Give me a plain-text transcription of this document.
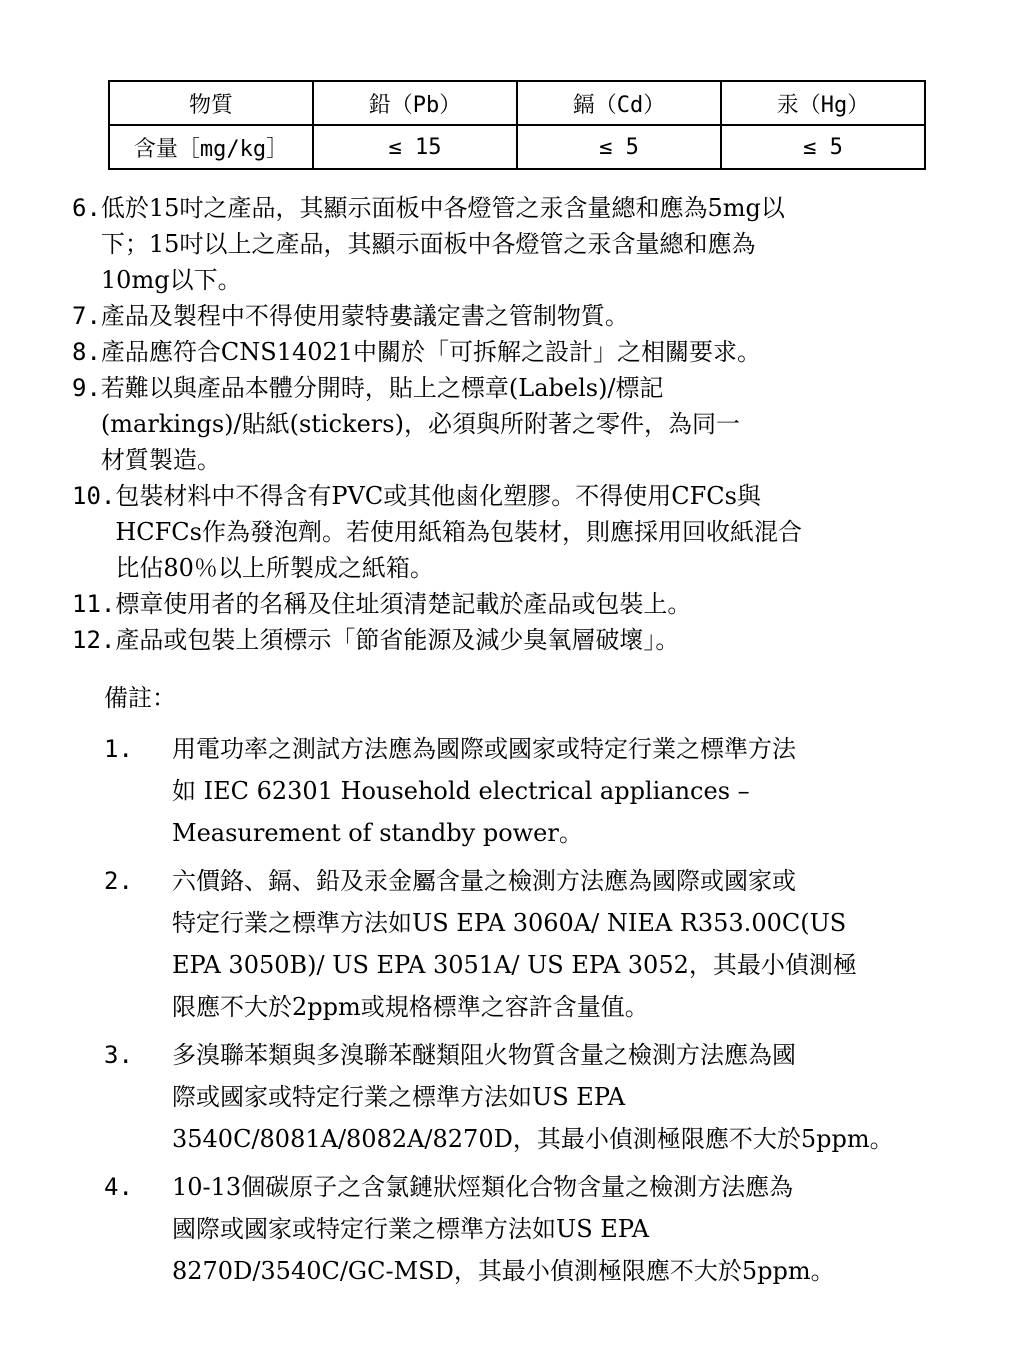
物質	鉛（Pb）	鎘（Cd）	汞（Hg）
含量［mg/kg］	≤ 15	≤ 5	≤ 5
6. 低於15吋之產品，其顯示面板中各燈管之汞含量總和應為5mg以
下；15吋以上之產品，其顯示面板中各燈管之汞含量總和應為
10mg以下。
7. 產品及製程中不得使用蒙特婁議定書之管制物質。
8. 產品應符合CNS14021中關於「可拆解之設計」之相關要求。
9. 若難以與產品本體分開時，貼上之標章(Labels)/標記
(markings)/貼紙(stickers)，必須與所附著之零件，為同一
材質製造。
10. 包裝材料中不得含有PVC或其他鹵化塑膠。不得使用CFCs與
HCFCs作為發泡劑。若使用紙箱為包裝材，則應採用回收紙混合
比佔80％以上所製成之紙箱。
11. 標章使用者的名稱及住址須清楚記載於產品或包裝上。
12. 產品或包裝上須標示「節省能源及減少臭氧層破壞」。

備註：

1.	用電功率之測試方法應為國際或國家或特定行業之標準方法
如 IEC 62301 Household electrical appliances –
Measurement of standby power。
2.	六價鉻、鎘、鉛及汞金屬含量之檢測方法應為國際或國家或
特定行業之標準方法如US EPA 3060A/ NIEA R353.00C(US
EPA 3050B)/ US EPA 3051A/ US EPA 3052，其最小偵測極
限應不大於2ppm或規格標準之容許含量值。
3.	多溴聯苯類與多溴聯苯醚類阻火物質含量之檢測方法應為國
際或國家或特定行業之標準方法如US EPA
3540C/8081A/8082A/8270D，其最小偵測極限應不大於5ppm。
4.	10-13個碳原子之含氯鏈狀烴類化合物含量之檢測方法應為
國際或國家或特定行業之標準方法如US EPA
8270D/3540C/GC-MSD，其最小偵測極限應不大於5ppm。
